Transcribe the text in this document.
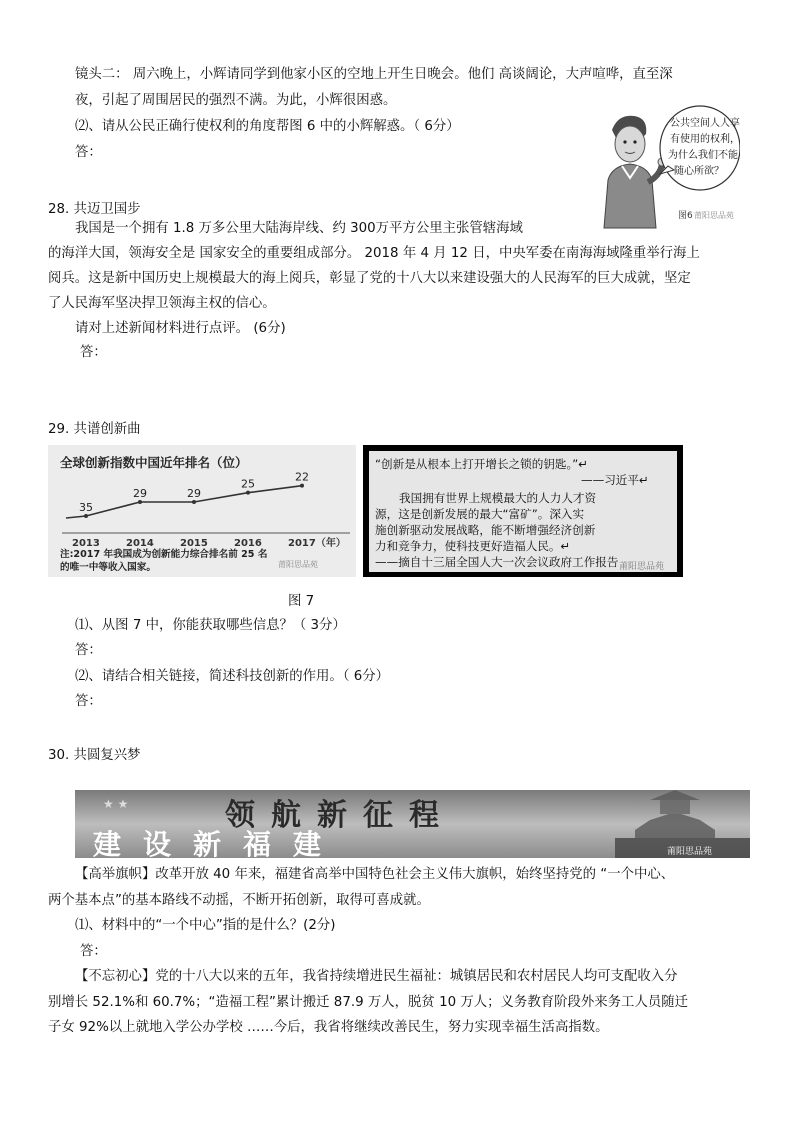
镜头二： 周六晚上，小辉请同学到他家小区的空地上开生日晚会。他们 高谈阔论，大声喧哗，直至深
夜，引起了周围居民的强烈不满。为此，小辉很困惑。
⑵、请从公民正确行使权利的角度帮图 6 中的小辉解惑。（ 6分）
答：
公共空间人人享
有使用的权利，
为什么我们不能
随心所欲？
图6 莆阳思品苑
28. 共迈卫国步
我国是一个拥有 1.8 万多公里大陆海岸线、约 300万平方公里主张管辖海域
的海洋大国，领海安全是 国家安全的重要组成部分。 2018 年 4 月 12 日，中央军委在南海海域隆重举行海上
阅兵。这是新中国历史上规模最大的海上阅兵，彰显了党的十八大以来建设强大的人民海军的巨大成就，坚定
了人民海军坚决捍卫领海主权的信心。
请对上述新闻材料进行点评。 (6分)
答：
29. 共谱创新曲
全球创新指数中国近年排名（位）
35
2013
29
2014
29
2015
25
2016
22
2017（年）
注:2017 年我国成为创新能力综合排名前 25 名
的唯一中等收入国家。	莆阳思品苑
“创新是从根本上打开增长之锁的钥匙。”↵
——习近平↵
我国拥有世界上规模最大的人力人才资
源，这是创新发展的最大“富矿”。深入实
施创新驱动发展战略，能不断增强经济创新
力和竞争力，使科技更好造福人民。↵
——摘自十三届全国人大一次会议政府工作报告 莆阳思品苑
图 7
⑴、从图 7 中，你能获取哪些信息？（ 3分）
答：
⑵、请结合相关链接，简述科技创新的作用。（ 6分）
答：
30. 共圆复兴梦
★ ★	领航新征程
建设新福建	莆阳思品苑
【高举旗帜】改革开放 40 年来，福建省高举中国特色社会主义伟大旗帜，始终坚持党的 “一个中心、
两个基本点”的基本路线不动摇，不断开拓创新，取得可喜成就。
⑴、材料中的“一个中心”指的是什么？(2分)
答：
【不忘初心】党的十八大以来的五年，我省持续增进民生福祉：城镇居民和农村居民人均可支配收入分
别增长 52.1%和 60.7%；“造福工程”累计搬迁 87.9 万人，脱贫 10 万人；义务教育阶段外来务工人员随迁
子女 92%以上就地入学公办学校 ……今后，我省将继续改善民生，努力实现幸福生活高指数。
